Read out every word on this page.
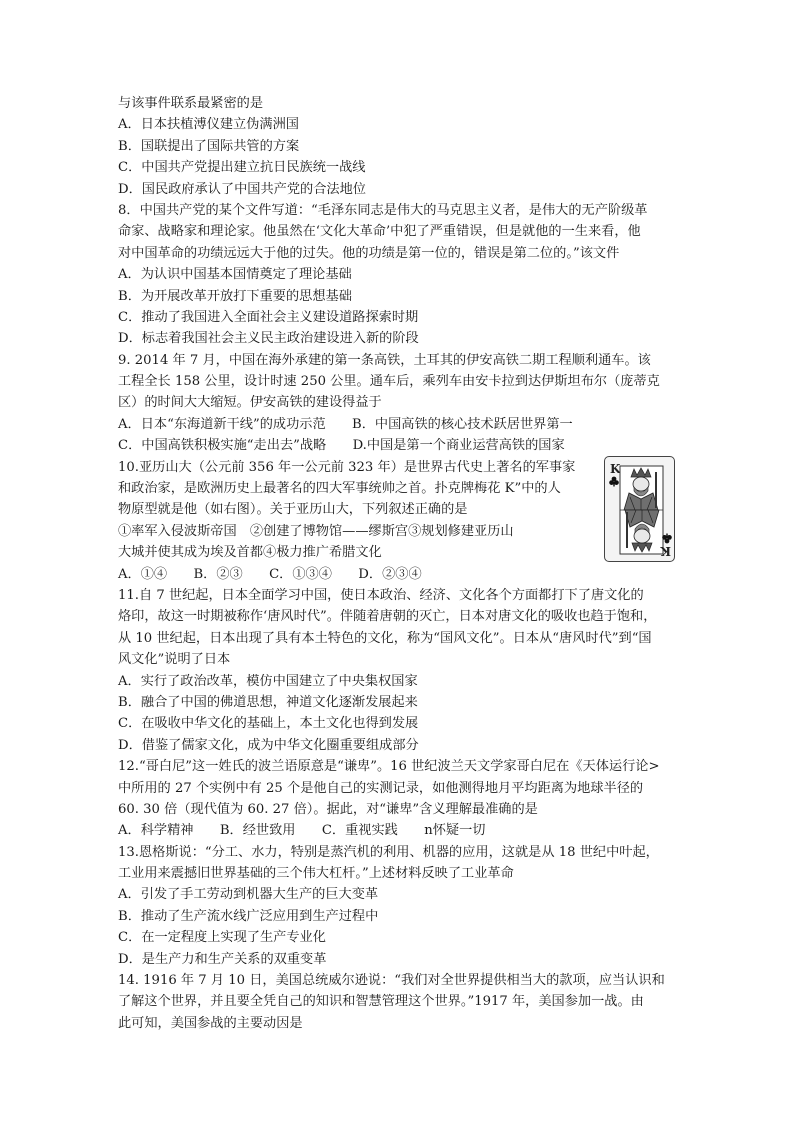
与该事件联系最紧密的是
A．日本扶植溥仪建立伪满洲国
B．国联提出了国际共管的方案
C．中国共产党提出建立抗日民族统一战线
D．国民政府承认了中国共产党的合法地位
8．中国共产党的某个文件写道：“毛泽东同志是伟大的马克思主义者，是伟大的无产阶级革
命家、战略家和理论家。他虽然在‘文化大革命’中犯了严重错误，但是就他的一生来看，他
对中国革命的功绩远远大于他的过失。他的功绩是第一位的，错误是第二位的。”该文件
A．为认识中国基本国情奠定了理论基础
B．为开展改革开放打下重要的思想基础
C．推动了我国进入全面社会主义建设道路探索时期
D．标志着我国社会主义民主政治建设进入新的阶段
9. 2014 年 7 月，中国在海外承建的第一条高铁，土耳其的伊安高铁二期工程顺利通车。该
工程全长 158 公里，设计时速 250 公里。通车后，乘列车由安卡拉到达伊斯坦布尔（庞蒂克
区）的时间大大缩短。伊安高铁的建设得益于
A．日本“东海道新干线”的成功示范　　B．中国高铁的核心技术跃居世界第一
C．中国高铁积极实施“走出去”战略　　D.中国是第一个商业运营高铁的国家
10.亚历山大（公元前 356 年一公元前 323 年）是世界古代史上著名的军事家
和政治家，是欧洲历史上最著名的四大军事统帅之首。扑克牌梅花 K”中的人
物原型就是他（如右图）。关于亚历山大，下列叙述正确的是
①率军入侵波斯帝国　②创建了博物馆——缪斯宫③规划修建亚历山
大城并使其成为埃及首都④极力推广希腊文化
A．①④　　B．②③　　C．①③④　　D．②③④
11.自 7 世纪起，日本全面学习中国，使日本政治、经济、文化各个方面都打下了唐文化的
烙印，故这一时期被称作‘唐风时代”。伴随着唐朝的灭亡，日本对唐文化的吸收也趋于饱和，
从 10 世纪起，日本出现了具有本土特色的文化，称为“国风文化”。日本从“唐风时代”到“国
风文化”说明了日本
A．实行了政治改革，模仿中国建立了中央集权国家
B．融合了中国的佛道思想，神道文化逐渐发展起来
C．在吸收中华文化的基础上，本土文化也得到发展
D．借鉴了儒家文化，成为中华文化圈重要组成部分
12.“哥白尼”这一姓氏的波兰语原意是“谦卑”。16 世纪波兰天文学家哥白尼在《天体运行论>
中所用的 27 个实例中有 25 个是他自己的实测记录，如他测得地月平均距离为地球半径的
60. 30 倍（现代值为 60. 27 倍）。据此，对“谦卑”含义理解最准确的是
A．科学精神　　B．经世致用　　C．重视实践　　n怀疑一切
13.恩格斯说：“分工、水力，特别是蒸汽机的利用、机器的应用，这就是从 18 世纪中叶起，
工业用来震撼旧世界基础的三个伟大杠杆。”上述材料反映了工业革命
A．引发了手工劳动到机器大生产的巨大变革
B．推动了生产流水线广泛应用到生产过程中
C．在一定程度上实现了生产专业化
D．是生产力和生产关系的双重变革
14. 1916 年 7 月 10 日，美国总统威尔逊说：“我们对全世界提供相当大的款项，应当认识和
了解这个世界，并且要全凭自己的知识和智慧管理这个世界。”1917 年，美国参加一战。由
此可知，美国参战的主要动因是
K
K
